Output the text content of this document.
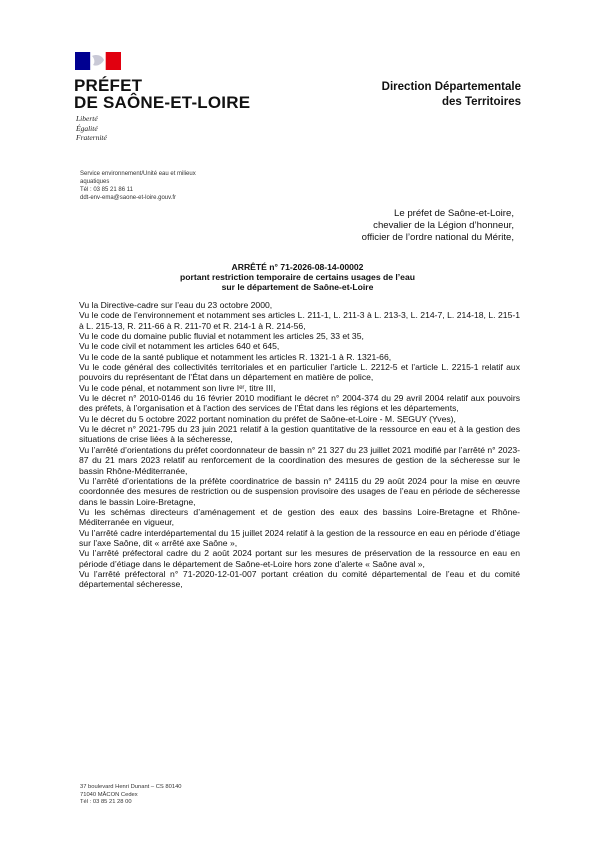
PRÉFET
DE SAÔNE-ET-LOIRE
Liberté
Égalité
Fraternité
Direction Départementale
des Territoires
Service environnement/Unité eau et milieux
aquatiques
Tél : 03 85 21 86 11
ddt-env-ema@saone-et-loire.gouv.fr
Le préfet de Saône-et-Loire,
chevalier de la Légion d’honneur,
officier de l’ordre national du Mérite,
ARRÊTÉ n° 71-2026-08-14-00002
portant restriction temporaire de certains usages de l’eau
sur le département de Saône-et-Loire
Vu la Directive-cadre sur l’eau du 23 octobre 2000,
Vu le code de l’environnement et notamment ses articles L. 211-1, L. 211-3 à L. 213-3, L. 214-7, L. 214-18, L. 215-1 à L. 215-13, R. 211-66 à R. 211-70 et R. 214-1 à R. 214-56,
Vu le code du domaine public fluvial et notamment les articles 25, 33 et 35,
Vu le code civil et notamment les articles 640 et 645,
Vu le code de la santé publique et notamment les articles R. 1321-1 à R. 1321-66,
Vu le code général des collectivités territoriales et en particulier l’article L. 2212-5 et l’article L. 2215-1 relatif aux pouvoirs du représentant de l’État dans un département en matière de police,
Vu le code pénal, et notamment son livre Iᵉʳ, titre III,
Vu le décret n° 2010-0146 du 16 février 2010 modifiant le décret n° 2004-374 du 29 avril 2004 relatif aux pouvoirs des préfets, à l’organisation et à l’action des services de l’État dans les régions et les départements,
Vu le décret du 5 octobre 2022 portant nomination du préfet de Saône-et-Loire - M. SEGUY (Yves),
Vu le décret n° 2021-795 du 23 juin 2021 relatif à la gestion quantitative de la ressource en eau et à la gestion des situations de crise liées à la sécheresse,
Vu l’arrêté d’orientations du préfet coordonnateur de bassin n° 21 327 du 23 juillet 2021 modifié par l’arrêté n° 2023-87 du 21 mars 2023 relatif au renforcement de la coordination des mesures de gestion de la sécheresse sur le bassin Rhône-Méditerranée,
Vu l’arrêté d’orientations de la préfète coordinatrice de bassin n° 24115 du 29 août 2024 pour la mise en œuvre coordonnée des mesures de restriction ou de suspension provisoire des usages de l’eau en période de sécheresse dans le bassin Loire-Bretagne,
Vu les schémas directeurs d’aménagement et de gestion des eaux des bassins Loire-Bretagne et Rhône-Méditerranée en vigueur,
Vu l’arrêté cadre interdépartemental du 15 juillet 2024 relatif à la gestion de la ressource en eau en période d’étiage sur l’axe Saône, dit « arrêté axe Saône »,
Vu l’arrêté préfectoral cadre du 2 août 2024 portant sur les mesures de préservation de la ressource en eau en période d’étiage dans le département de Saône-et-Loire hors zone d’alerte « Saône aval »,
Vu l’arrêté préfectoral n° 71-2020-12-01-007 portant création du comité départemental de l’eau et du comité départemental sécheresse,
37 boulevard Henri Dunant – CS 80140
71040 MÂCON Cedex
Tél : 03 85 21 28 00
